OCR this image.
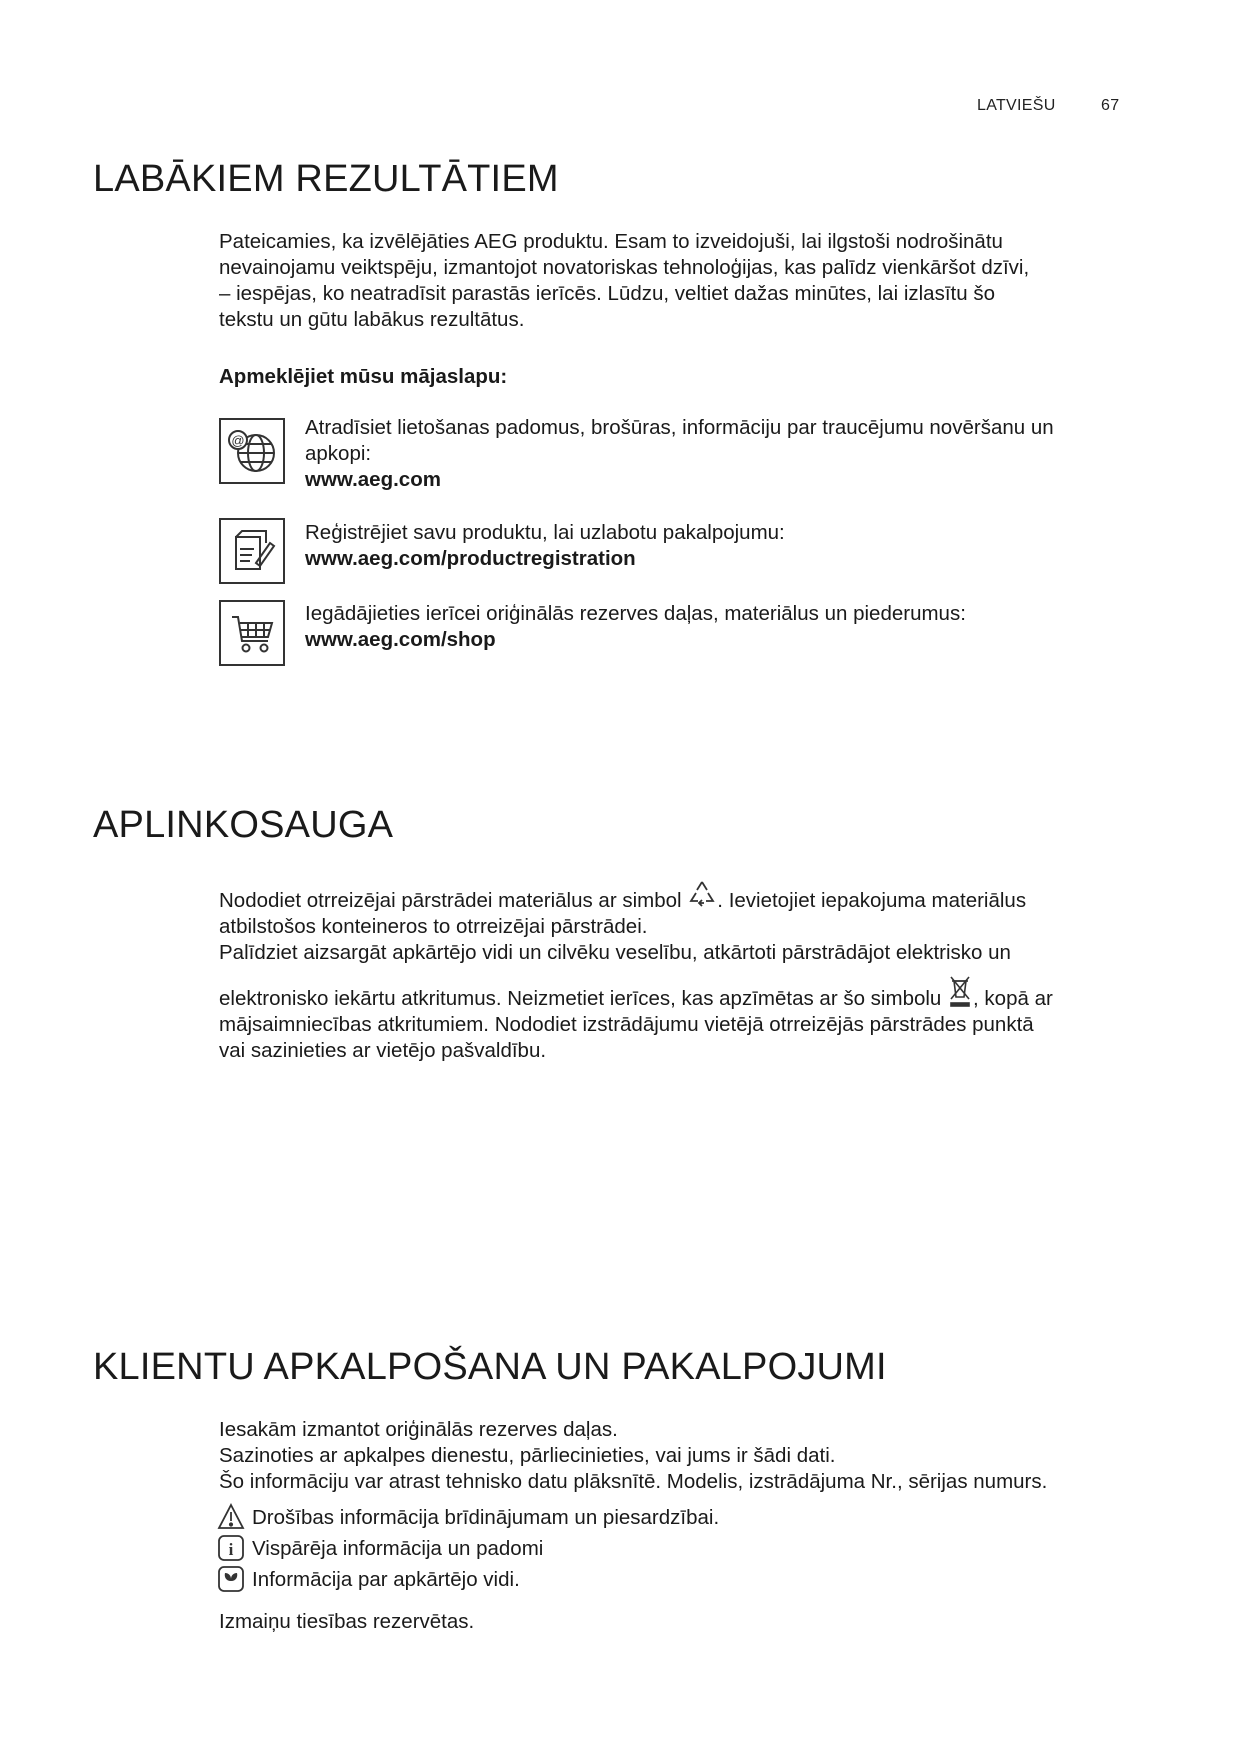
LATVIEŠU	67
LABĀKIEM REZULTĀTIEM
Pateicamies, ka izvēlējāties AEG produktu. Esam to izveidojuši, lai ilgstoši nodrošinātu
nevainojamu veiktspēju, izmantojot novatoriskas tehnoloģijas, kas palīdz vienkāršot dzīvi,
– iespējas, ko neatradīsit parastās ierīcēs. Lūdzu, veltiet dažas minūtes, lai izlasītu šo
tekstu un gūtu labākus rezultātus.
Apmeklējiet mūsu mājaslapu:
@
Atradīsiet lietošanas padomus, brošūras, informāciju par traucējumu novēršanu un
apkopi:
www.aeg.com
Reģistrējiet savu produktu, lai uzlabotu pakalpojumu:
www.aeg.com/productregistration
Iegādājieties ierīcei oriģinālās rezerves daļas, materiālus un piederumus:
www.aeg.com/shop
APLINKOSAUGA
Nododiet otrreizējai pārstrādei materiālus ar simbol . Ievietojiet iepakojuma materiālus
atbilstošos konteineros to otrreizējai pārstrādei.
Palīdziet aizsargāt apkārtējo vidi un cilvēku veselību, atkārtoti pārstrādājot elektrisko un
elektronisko iekārtu atkritumus. Neizmetiet ierīces, kas apzīmētas ar šo simbolu , kopā ar
mājsaimniecības atkritumiem. Nododiet izstrādājumu vietējā otrreizējās pārstrādes punktā
vai sazinieties ar vietējo pašvaldību.
KLIENTU APKALPOŠANA UN PAKALPOJUMI
Iesakām izmantot oriģinālās rezerves daļas.
Sazinoties ar apkalpes dienestu, pārliecinieties, vai jums ir šādi dati.
Šo informāciju var atrast tehnisko datu plāksnītē. Modelis, izstrādājuma Nr., sērijas numurs.
Drošības informācija brīdinājumam un piesardzībai.
i Vispārēja informācija un padomi
Informācija par apkārtējo vidi.
Izmaiņu tiesības rezervētas.
